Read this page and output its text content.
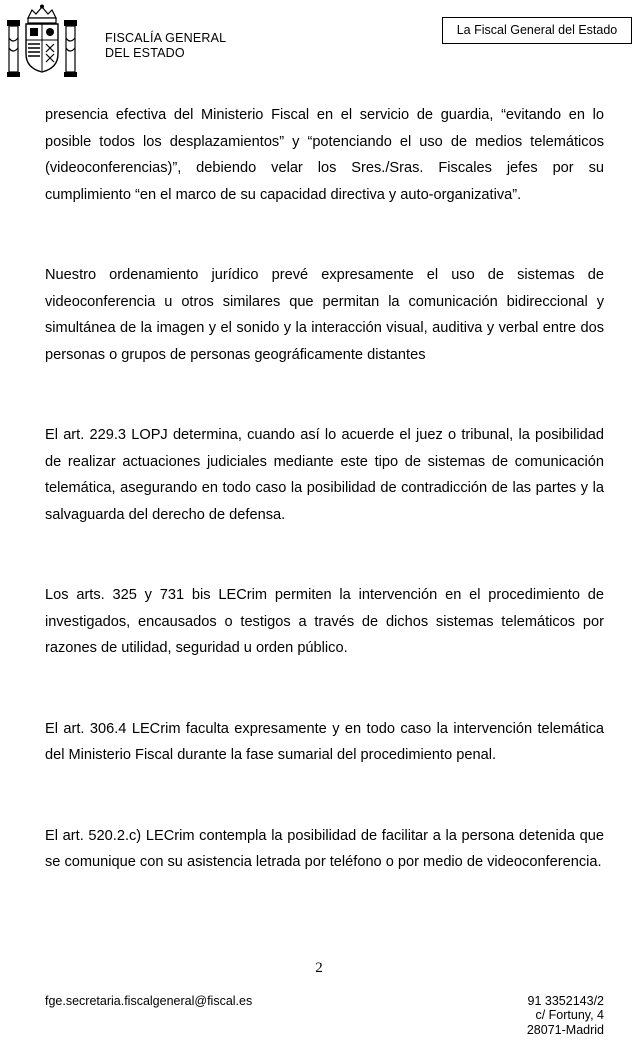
FISCALÍA GENERAL
DEL ESTADO
La Fiscal General del Estado

presencia efectiva del Ministerio Fiscal en el servicio de guardia, “evitando en lo posible todos los desplazamientos” y “potenciando el uso de medios telemáticos (videoconferencias)”, debiendo velar los Sres./Sras. Fiscales jefes por su cumplimiento “en el marco de su capacidad directiva y auto-organizativa”.

Nuestro ordenamiento jurídico prevé expresamente el uso de sistemas de videoconferencia u otros similares que permitan la comunicación bidireccional y simultánea de la imagen y el sonido y la interacción visual, auditiva y verbal entre dos personas o grupos de personas geográficamente distantes

El art. 229.3 LOPJ determina, cuando así lo acuerde el juez o tribunal, la posibilidad de realizar actuaciones judiciales mediante este tipo de sistemas de comunicación telemática, asegurando en todo caso la posibilidad de contradicción de las partes y la salvaguarda del derecho de defensa.

Los arts. 325 y 731 bis LECrim permiten la intervención en el procedimiento de investigados, encausados o testigos a través de dichos sistemas telemáticos por razones de utilidad, seguridad u orden público.

El art. 306.4 LECrim faculta expresamente y en todo caso la intervención telemática del Ministerio Fiscal durante la fase sumarial del procedimiento penal.

El art. 520.2.c) LECrim contempla la posibilidad de facilitar a la persona detenida que se comunique con su asistencia letrada por teléfono o por medio de videoconferencia.

2
fge.secretaria.fiscalgeneral@fiscal.es	91 3352143/2
c/ Fortuny, 4
28071-Madrid
